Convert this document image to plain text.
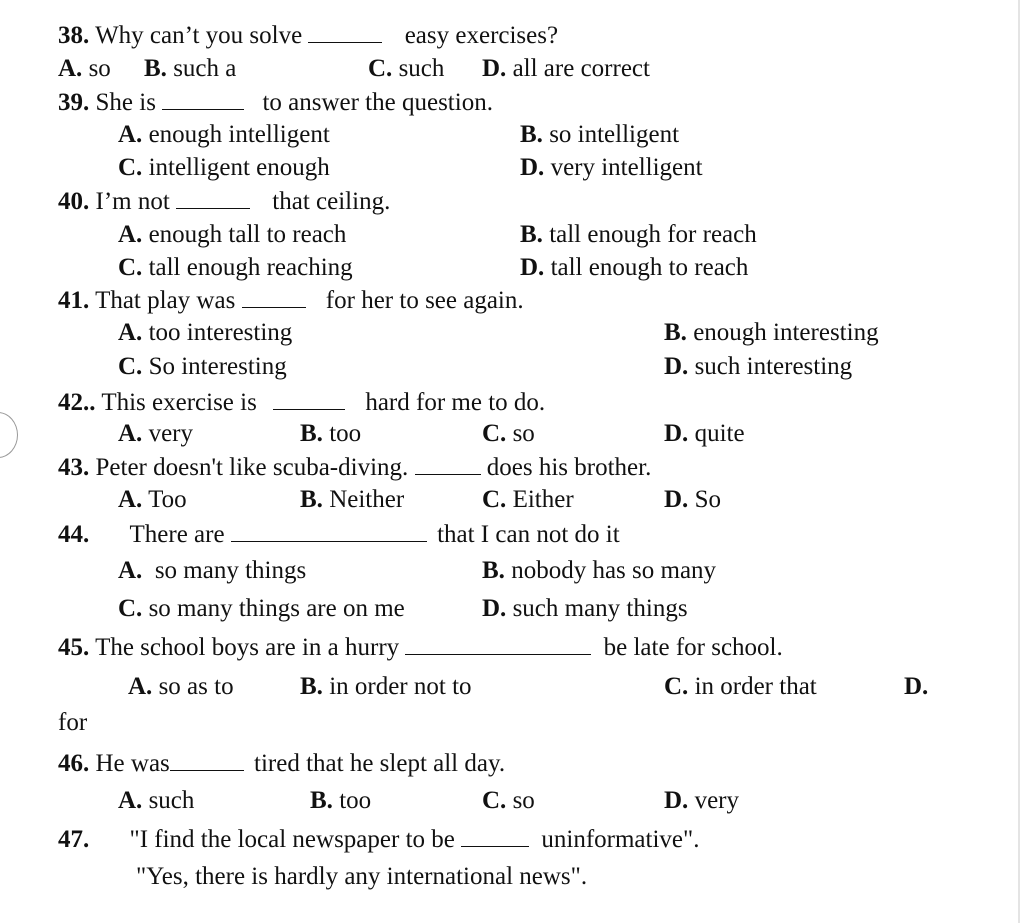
38. Why can’t you solve	easy exercises?
A. so B. such a	C. such D. all are correct
39. She is	to answer the question.
A. enough intelligent	B. so intelligent
C. intelligent enough	D. very intelligent
40. I’m not	that ceiling.
A. enough tall to reach	B. tall enough for reach
C. tall enough reaching	D. tall enough to reach
41. That play was	for her to see again.
A. too interesting	B. enough interesting
C. So interesting	D. such interesting
42.. This exercise is	hard for me to do.
A. very	B. too	C. so	D. quite
43. Peter doesn't like scuba-diving.	does his brother.
A. Too	B. Neither	C. Either	D. So
44. There are	that I can not do it
A. so many things	B. nobody has so many
C. so many things are on me	D. such many things
45. The school boys are in a hurry	be late for school.
A. so as to	B. in order not to	C. in order that	D.
for
46. He was	tired that he slept all day.
A. such	B. too	C. so	D. very
47. "I find the local newspaper to be	uninformative".
"Yes, there is hardly any international news".
